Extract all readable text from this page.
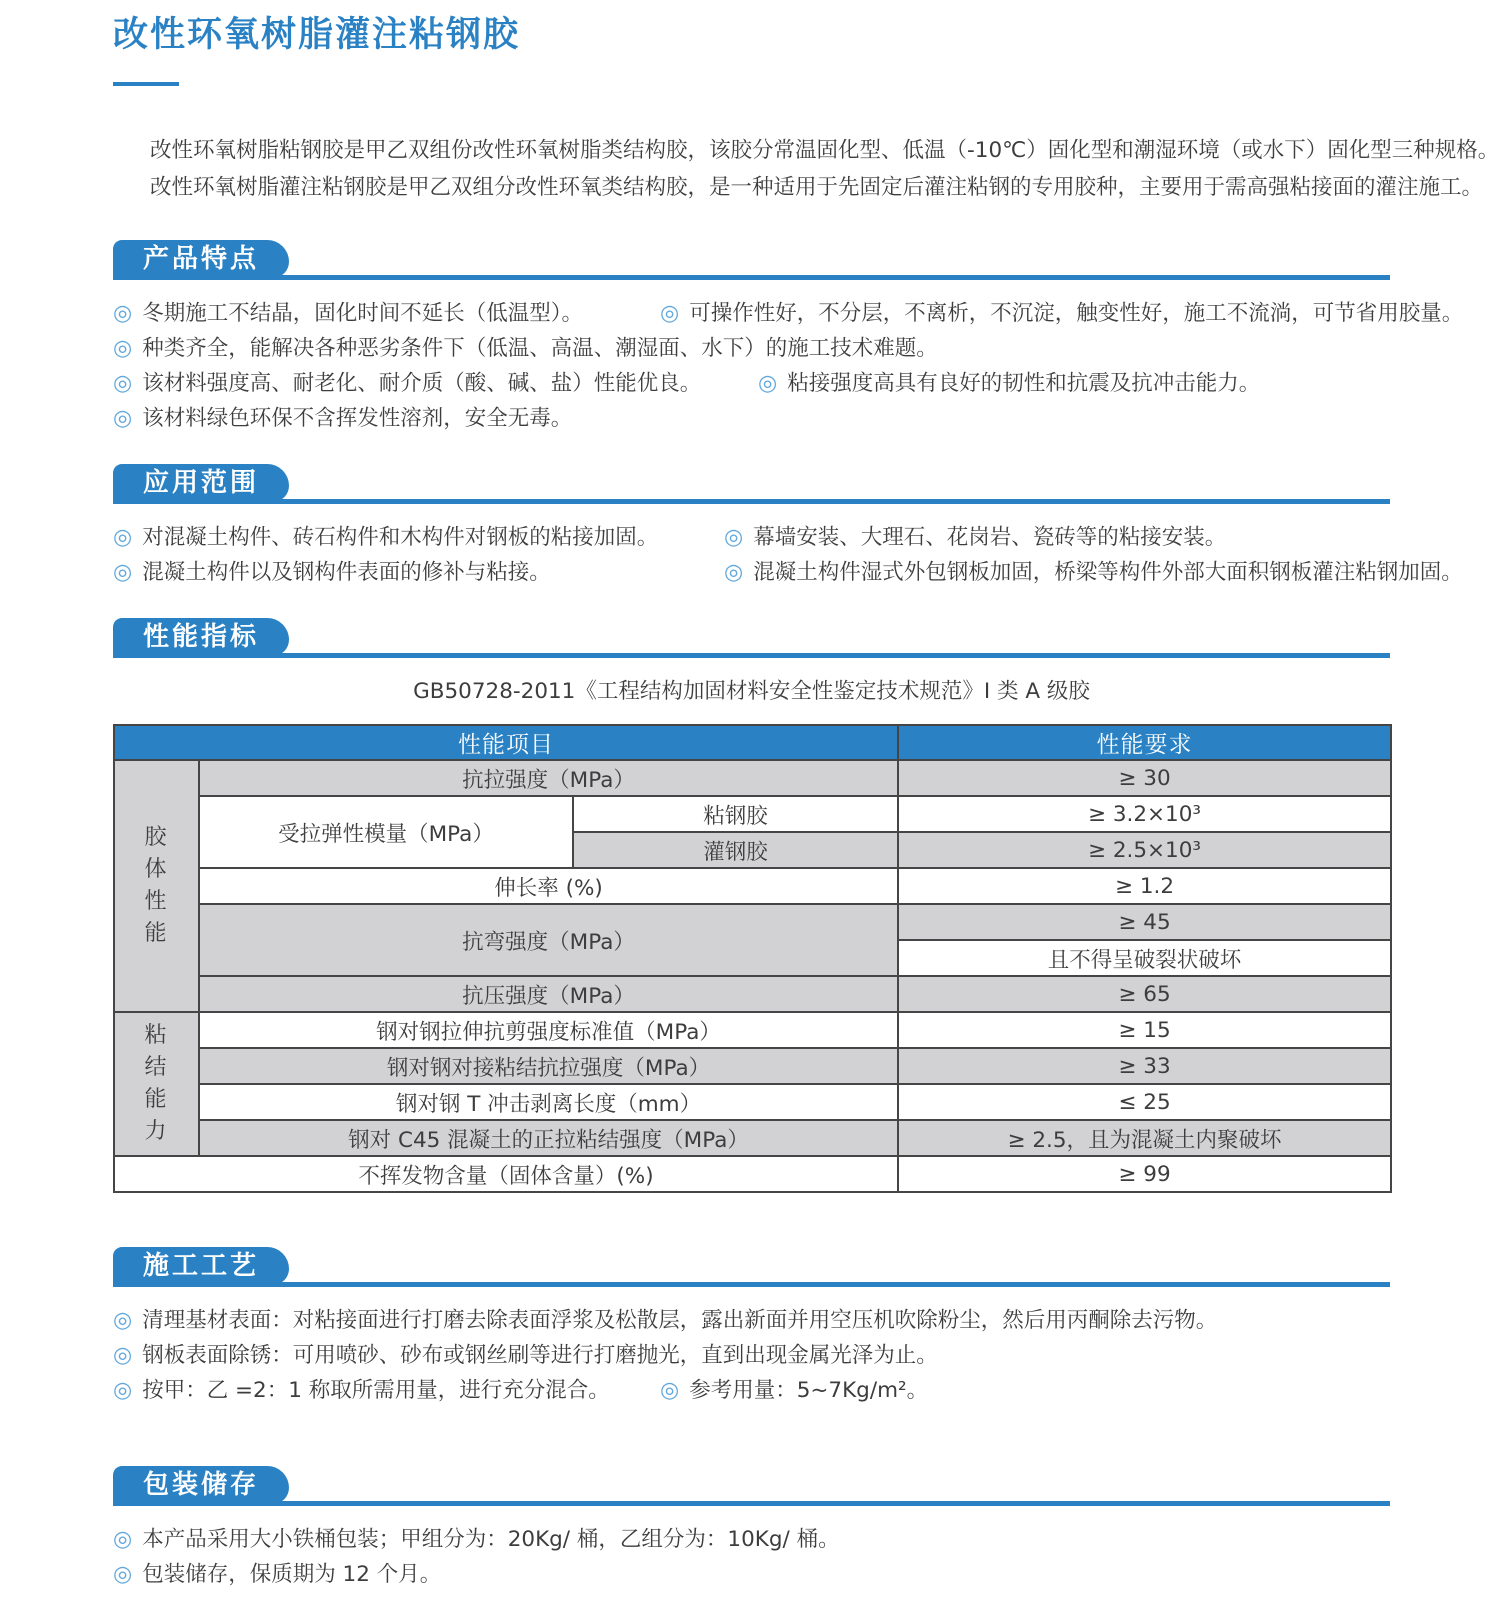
改性环氧树脂灌注粘钢胶

改性环氧树脂粘钢胶是甲乙双组份改性环氧树脂类结构胶，该胶分常温固化型、低温（-10℃）固化型和潮湿环境（或水下）固化型三种规格。

改性环氧树脂灌注粘钢胶是甲乙双组分改性环氧类结构胶，是一种适用于先固定后灌注粘钢的专用胶种，主要用于需高强粘接面的灌注施工。

产品特点
◎ 冬期施工不结晶，固化时间不延长（低温型）。	◎ 可操作性好，不分层，不离析，不沉淀，触变性好，施工不流淌，可节省用胶量。
◎ 种类齐全，能解决各种恶劣条件下（低温、高温、潮湿面、水下）的施工技术难题。
◎ 该材料强度高、耐老化、耐介质（酸、碱、盐）性能优良。	◎ 粘接强度高具有良好的韧性和抗震及抗冲击能力。
◎ 该材料绿色环保不含挥发性溶剂，安全无毒。
应用范围
◎ 对混凝土构件、砖石构件和木构件对钢板的粘接加固。	◎ 幕墙安装、大理石、花岗岩、瓷砖等的粘接安装。
◎ 混凝土构件以及钢构件表面的修补与粘接。	◎ 混凝土构件湿式外包钢板加固，桥梁等构件外部大面积钢板灌注粘钢加固。
性能指标
GB50728-2011《工程结构加固材料安全性鉴定技术规范》I 类 A 级胶
性能项目			性能要求
胶体性能	抗拉强度（MPa）		≥ 30
	受拉弹性模量（MPa）	粘钢胶	≥ 3.2×10³
		灌钢胶	≥ 2.5×10³
	伸长率 (%)		≥ 1.2
	抗弯强度（MPa）		≥ 45
			且不得呈破裂状破坏
	抗压强度（MPa）		≥ 65
粘结能力	钢对钢拉伸抗剪强度标准值（MPa）		≥ 15
	钢对钢对接粘结抗拉强度（MPa）		≥ 33
	钢对钢 T 冲击剥离长度（mm）		≤ 25
	钢对 C45 混凝土的正拉粘结强度（MPa）		≥ 2.5，且为混凝土内聚破坏
不挥发物含量（固体含量）(%)			≥ 99
施工工艺
◎ 清理基材表面：对粘接面进行打磨去除表面浮浆及松散层，露出新面并用空压机吹除粉尘，然后用丙酮除去污物。
◎ 钢板表面除锈：可用喷砂、砂布或钢丝刷等进行打磨抛光，直到出现金属光泽为止。
◎ 按甲：乙 =2：1 称取所需用量，进行充分混合。 ◎ 参考用量：5~7Kg/m²。
包装储存
◎ 本产品采用大小铁桶包装；甲组分为：20Kg/ 桶，乙组分为：10Kg/ 桶。
◎ 包装储存，保质期为 12 个月。
